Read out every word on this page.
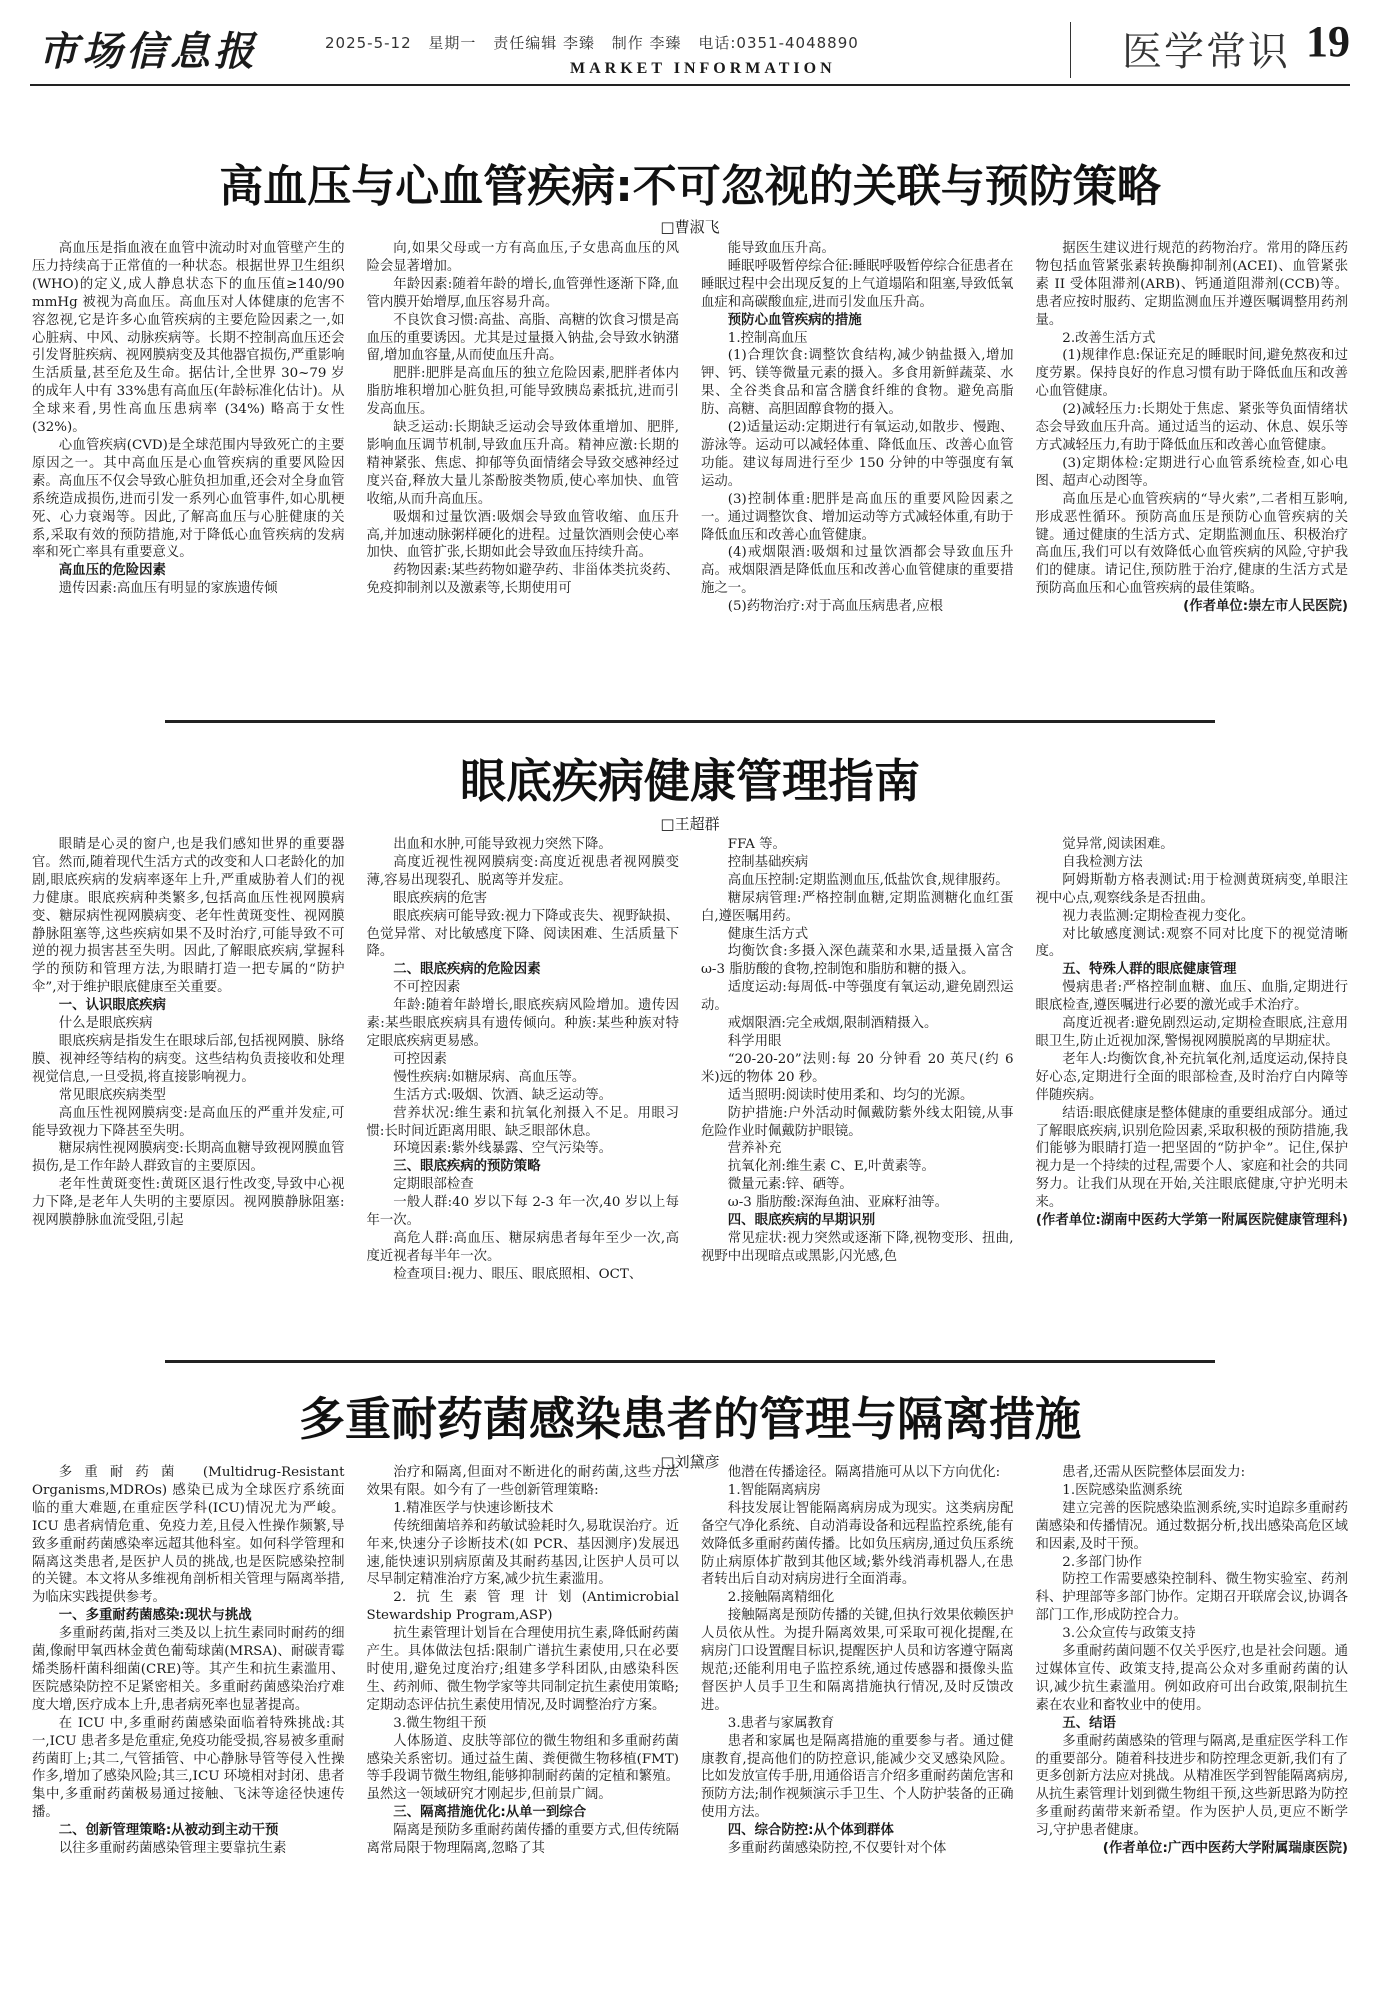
市场信息报	2025-5-12 星期一 责任编辑 李臻 制作 李臻 电话:0351-4048890
MARKET INFORMATION	医学常识 19
高血压与心血管疾病:不可忽视的关联与预防策略
□曹淑飞

高血压是指血液在血管中流动时对血管壁产生的压力持续高于正常值的一种状态。根据世界卫生组织(WHO)的定义,成人静息状态下的血压值≥140/90 mmHg 被视为高血压。高血压对人体健康的危害不容忽视,它是许多心血管疾病的主要危险因素之一,如心脏病、中风、动脉疾病等。长期不控制高血压还会引发肾脏疾病、视网膜病变及其他器官损伤,严重影响生活质量,甚至危及生命。据估计,全世界 30~79 岁的成年人中有 33%患有高血压(年龄标准化估计)。从全球来看,男性高血压患病率 (34%) 略高于女性 (32%)。

心血管疾病(CVD)是全球范围内导致死亡的主要原因之一。其中高血压是心血管疾病的重要风险因素。高血压不仅会导致心脏负担加重,还会对全身血管系统造成损伤,进而引发一系列心血管事件,如心肌梗死、心力衰竭等。因此,了解高血压与心脏健康的关系,采取有效的预防措施,对于降低心血管疾病的发病率和死亡率具有重要意义。

高血压的危险因素

遗传因素:高血压有明显的家族遗传倾

向,如果父母或一方有高血压,子女患高血压的风险会显著增加。

年龄因素:随着年龄的增长,血管弹性逐渐下降,血管内膜开始增厚,血压容易升高。

不良饮食习惯:高盐、高脂、高糖的饮食习惯是高血压的重要诱因。尤其是过量摄入钠盐,会导致水钠潴留,增加血容量,从而使血压升高。

肥胖:肥胖是高血压的独立危险因素,肥胖者体内脂肪堆积增加心脏负担,可能导致胰岛素抵抗,进而引发高血压。

缺乏运动:长期缺乏运动会导致体重增加、肥胖,影响血压调节机制,导致血压升高。精神应激:长期的精神紧张、焦虑、抑郁等负面情绪会导致交感神经过度兴奋,释放大量儿茶酚胺类物质,使心率加快、血管收缩,从而升高血压。

吸烟和过量饮酒:吸烟会导致血管收缩、血压升高,并加速动脉粥样硬化的进程。过量饮酒则会使心率加快、血管扩张,长期如此会导致血压持续升高。

药物因素:某些药物如避孕药、非甾体类抗炎药、免疫抑制剂以及激素等,长期使用可

能导致血压升高。

睡眠呼吸暂停综合征:睡眠呼吸暂停综合征患者在睡眠过程中会出现反复的上气道塌陷和阻塞,导致低氧血症和高碳酸血症,进而引发血压升高。

预防心血管疾病的措施

1.控制高血压

(1)合理饮食:调整饮食结构,减少钠盐摄入,增加钾、钙、镁等微量元素的摄入。多食用新鲜蔬菜、水果、全谷类食品和富含膳食纤维的食物。避免高脂肪、高糖、高胆固醇食物的摄入。

(2)适量运动:定期进行有氧运动,如散步、慢跑、游泳等。运动可以减轻体重、降低血压、改善心血管功能。建议每周进行至少 150 分钟的中等强度有氧运动。

(3)控制体重:肥胖是高血压的重要风险因素之一。通过调整饮食、增加运动等方式减轻体重,有助于降低血压和改善心血管健康。

(4)戒烟限酒:吸烟和过量饮酒都会导致血压升高。戒烟限酒是降低血压和改善心血管健康的重要措施之一。

(5)药物治疗:对于高血压病患者,应根

据医生建议进行规范的药物治疗。常用的降压药物包括血管紧张素转换酶抑制剂(ACEI)、血管紧张素 II 受体阻滞剂(ARB)、钙通道阻滞剂(CCB)等。患者应按时服药、定期监测血压并遵医嘱调整用药剂量。

2.改善生活方式

(1)规律作息:保证充足的睡眠时间,避免熬夜和过度劳累。保持良好的作息习惯有助于降低血压和改善心血管健康。

(2)减轻压力:长期处于焦虑、紧张等负面情绪状态会导致血压升高。通过适当的运动、休息、娱乐等方式减轻压力,有助于降低血压和改善心血管健康。

(3)定期体检:定期进行心血管系统检查,如心电图、超声心动图等。

高血压是心血管疾病的“导火索”,二者相互影响,形成恶性循环。预防高血压是预防心血管疾病的关键。通过健康的生活方式、定期监测血压、积极治疗高血压,我们可以有效降低心血管疾病的风险,守护我们的健康。请记住,预防胜于治疗,健康的生活方式是预防高血压和心血管疾病的最佳策略。

(作者单位:崇左市人民医院)

眼底疾病健康管理指南
□王超群

眼睛是心灵的窗户,也是我们感知世界的重要器官。然而,随着现代生活方式的改变和人口老龄化的加剧,眼底疾病的发病率逐年上升,严重威胁着人们的视力健康。眼底疾病种类繁多,包括高血压性视网膜病变、糖尿病性视网膜病变、老年性黄斑变性、视网膜静脉阻塞等,这些疾病如果不及时治疗,可能导致不可逆的视力损害甚至失明。因此,了解眼底疾病,掌握科学的预防和管理方法,为眼睛打造一把专属的“防护伞”,对于维护眼底健康至关重要。

一、认识眼底疾病

什么是眼底疾病

眼底疾病是指发生在眼球后部,包括视网膜、脉络膜、视神经等结构的病变。这些结构负责接收和处理视觉信息,一旦受损,将直接影响视力。

常见眼底疾病类型

高血压性视网膜病变:是高血压的严重并发症,可能导致视力下降甚至失明。

糖尿病性视网膜病变:长期高血糖导致视网膜血管损伤,是工作年龄人群致盲的主要原因。

老年性黄斑变性:黄斑区退行性改变,导致中心视力下降,是老年人失明的主要原因。视网膜静脉阻塞:视网膜静脉血流受阻,引起

出血和水肿,可能导致视力突然下降。

高度近视性视网膜病变:高度近视患者视网膜变薄,容易出现裂孔、脱离等并发症。

眼底疾病的危害

眼底疾病可能导致:视力下降或丧失、视野缺损、色觉异常、对比敏感度下降、阅读困难、生活质量下降。

二、眼底疾病的危险因素

不可控因素

年龄:随着年龄增长,眼底疾病风险增加。遗传因素:某些眼底疾病具有遗传倾向。种族:某些种族对特定眼底疾病更易感。

可控因素

慢性疾病:如糖尿病、高血压等。

生活方式:吸烟、饮酒、缺乏运动等。

营养状况:维生素和抗氧化剂摄入不足。用眼习惯:长时间近距离用眼、缺乏眼部休息。

环境因素:紫外线暴露、空气污染等。

三、眼底疾病的预防策略

定期眼部检查

一般人群:40 岁以下每 2-3 年一次,40 岁以上每年一次。

高危人群:高血压、糖尿病患者每年至少一次,高度近视者每半年一次。

检查项目:视力、眼压、眼底照相、OCT、

FFA 等。

控制基础疾病

高血压控制:定期监测血压,低盐饮食,规律服药。

糖尿病管理:严格控制血糖,定期监测糖化血红蛋白,遵医嘱用药。

健康生活方式

均衡饮食:多摄入深色蔬菜和水果,适量摄入富含 ω-3 脂肪酸的食物,控制饱和脂肪和糖的摄入。

适度运动:每周低-中等强度有氧运动,避免剧烈运动。

戒烟限酒:完全戒烟,限制酒精摄入。

科学用眼

“20-20-20”法则:每 20 分钟看 20 英尺(约 6 米)远的物体 20 秒。

适当照明:阅读时使用柔和、均匀的光源。

防护措施:户外活动时佩戴防紫外线太阳镜,从事危险作业时佩戴防护眼镜。

营养补充

抗氧化剂:维生素 C、E,叶黄素等。

微量元素:锌、硒等。

ω-3 脂肪酸:深海鱼油、亚麻籽油等。

四、眼底疾病的早期识别

常见症状:视力突然或逐渐下降,视物变形、扭曲,视野中出现暗点或黑影,闪光感,色

觉异常,阅读困难。

自我检测方法

阿姆斯勒方格表测试:用于检测黄斑病变,单眼注视中心点,观察线条是否扭曲。

视力表监测:定期检查视力变化。

对比敏感度测试:观察不同对比度下的视觉清晰度。

五、特殊人群的眼底健康管理

慢病患者:严格控制血糖、血压、血脂,定期进行眼底检查,遵医嘱进行必要的激光或手术治疗。

高度近视者:避免剧烈运动,定期检查眼底,注意用眼卫生,防止近视加深,警惕视网膜脱离的早期症状。

老年人:均衡饮食,补充抗氧化剂,适度运动,保持良好心态,定期进行全面的眼部检查,及时治疗白内障等伴随疾病。

结语:眼底健康是整体健康的重要组成部分。通过了解眼底疾病,识别危险因素,采取积极的预防措施,我们能够为眼睛打造一把坚固的“防护伞”。记住,保护视力是一个持续的过程,需要个人、家庭和社会的共同努力。让我们从现在开始,关注眼底健康,守护光明未来。

(作者单位:湖南中医药大学第一附属医院健康管理科)

多重耐药菌感染患者的管理与隔离措施
□刘黛彦

多重耐药菌 (Multidrug-Resistant Organisms,MDROs) 感染已成为全球医疗系统面临的重大难题,在重症医学科(ICU)情况尤为严峻。ICU 患者病情危重、免疫力差,且侵入性操作频繁,导致多重耐药菌感染率远超其他科室。如何科学管理和隔离这类患者,是医护人员的挑战,也是医院感染控制的关键。本文将从多维视角剖析相关管理与隔离举措,为临床实践提供参考。

一、多重耐药菌感染:现状与挑战

多重耐药菌,指对三类及以上抗生素同时耐药的细菌,像耐甲氧西林金黄色葡萄球菌(MRSA)、耐碳青霉烯类肠杆菌科细菌(CRE)等。其产生和抗生素滥用、医院感染防控不足紧密相关。多重耐药菌感染治疗难度大增,医疗成本上升,患者病死率也显著提高。

在 ICU 中,多重耐药菌感染面临着特殊挑战:其一,ICU 患者多是危重症,免疫功能受损,容易被多重耐药菌盯上;其二,气管插管、中心静脉导管等侵入性操作多,增加了感染风险;其三,ICU 环境相对封闭、患者集中,多重耐药菌极易通过接触、飞沫等途径快速传播。

二、创新管理策略:从被动到主动干预

以往多重耐药菌感染管理主要靠抗生素

治疗和隔离,但面对不断进化的耐药菌,这些方法效果有限。如今有了一些创新管理策略:

1.精准医学与快速诊断技术

传统细菌培养和药敏试验耗时久,易耽误治疗。近年来,快速分子诊断技术(如 PCR、基因测序)发展迅速,能快速识别病原菌及其耐药基因,让医护人员可以尽早制定精准治疗方案,减少抗生素滥用。

2.抗生素管理计划(Antimicrobial Stewardship Program,ASP)

抗生素管理计划旨在合理使用抗生素,降低耐药菌产生。具体做法包括:限制广谱抗生素使用,只在必要时使用,避免过度治疗;组建多学科团队,由感染科医生、药剂师、微生物学家等共同制定抗生素使用策略;定期动态评估抗生素使用情况,及时调整治疗方案。

3.微生物组干预

人体肠道、皮肤等部位的微生物组和多重耐药菌感染关系密切。通过益生菌、粪便微生物移植(FMT)等手段调节微生物组,能够抑制耐药菌的定植和繁殖。虽然这一领域研究才刚起步,但前景广阔。

三、隔离措施优化:从单一到综合

隔离是预防多重耐药菌传播的重要方式,但传统隔离常局限于物理隔离,忽略了其

他潜在传播途径。隔离措施可从以下方向优化:

1.智能隔离病房

科技发展让智能隔离病房成为现实。这类病房配备空气净化系统、自动消毒设备和远程监控系统,能有效降低多重耐药菌传播。比如负压病房,通过负压系统防止病原体扩散到其他区域;紫外线消毒机器人,在患者转出后自动对病房进行全面消毒。

2.接触隔离精细化

接触隔离是预防传播的关键,但执行效果依赖医护人员依从性。为提升隔离效果,可采取可视化提醒,在病房门口设置醒目标识,提醒医护人员和访客遵守隔离规范;还能利用电子监控系统,通过传感器和摄像头监督医护人员手卫生和隔离措施执行情况,及时反馈改进。

3.患者与家属教育

患者和家属也是隔离措施的重要参与者。通过健康教育,提高他们的防控意识,能减少交叉感染风险。比如发放宣传手册,用通俗语言介绍多重耐药菌危害和预防方法;制作视频演示手卫生、个人防护装备的正确使用方法。

四、综合防控:从个体到群体

多重耐药菌感染防控,不仅要针对个体

患者,还需从医院整体层面发力:

1.医院感染监测系统

建立完善的医院感染监测系统,实时追踪多重耐药菌感染和传播情况。通过数据分析,找出感染高危区域和因素,及时干预。

2.多部门协作

防控工作需要感染控制科、微生物实验室、药剂科、护理部等多部门协作。定期召开联席会议,协调各部门工作,形成防控合力。

3.公众宣传与政策支持

多重耐药菌问题不仅关乎医疗,也是社会问题。通过媒体宣传、政策支持,提高公众对多重耐药菌的认识,减少抗生素滥用。例如政府可出台政策,限制抗生素在农业和畜牧业中的使用。

五、结语

多重耐药菌感染的管理与隔离,是重症医学科工作的重要部分。随着科技进步和防控理念更新,我们有了更多创新方法应对挑战。从精准医学到智能隔离病房,从抗生素管理计划到微生物组干预,这些新思路为防控多重耐药菌带来新希望。作为医护人员,更应不断学习,守护患者健康。

(作者单位:广西中医药大学附属瑞康医院)
